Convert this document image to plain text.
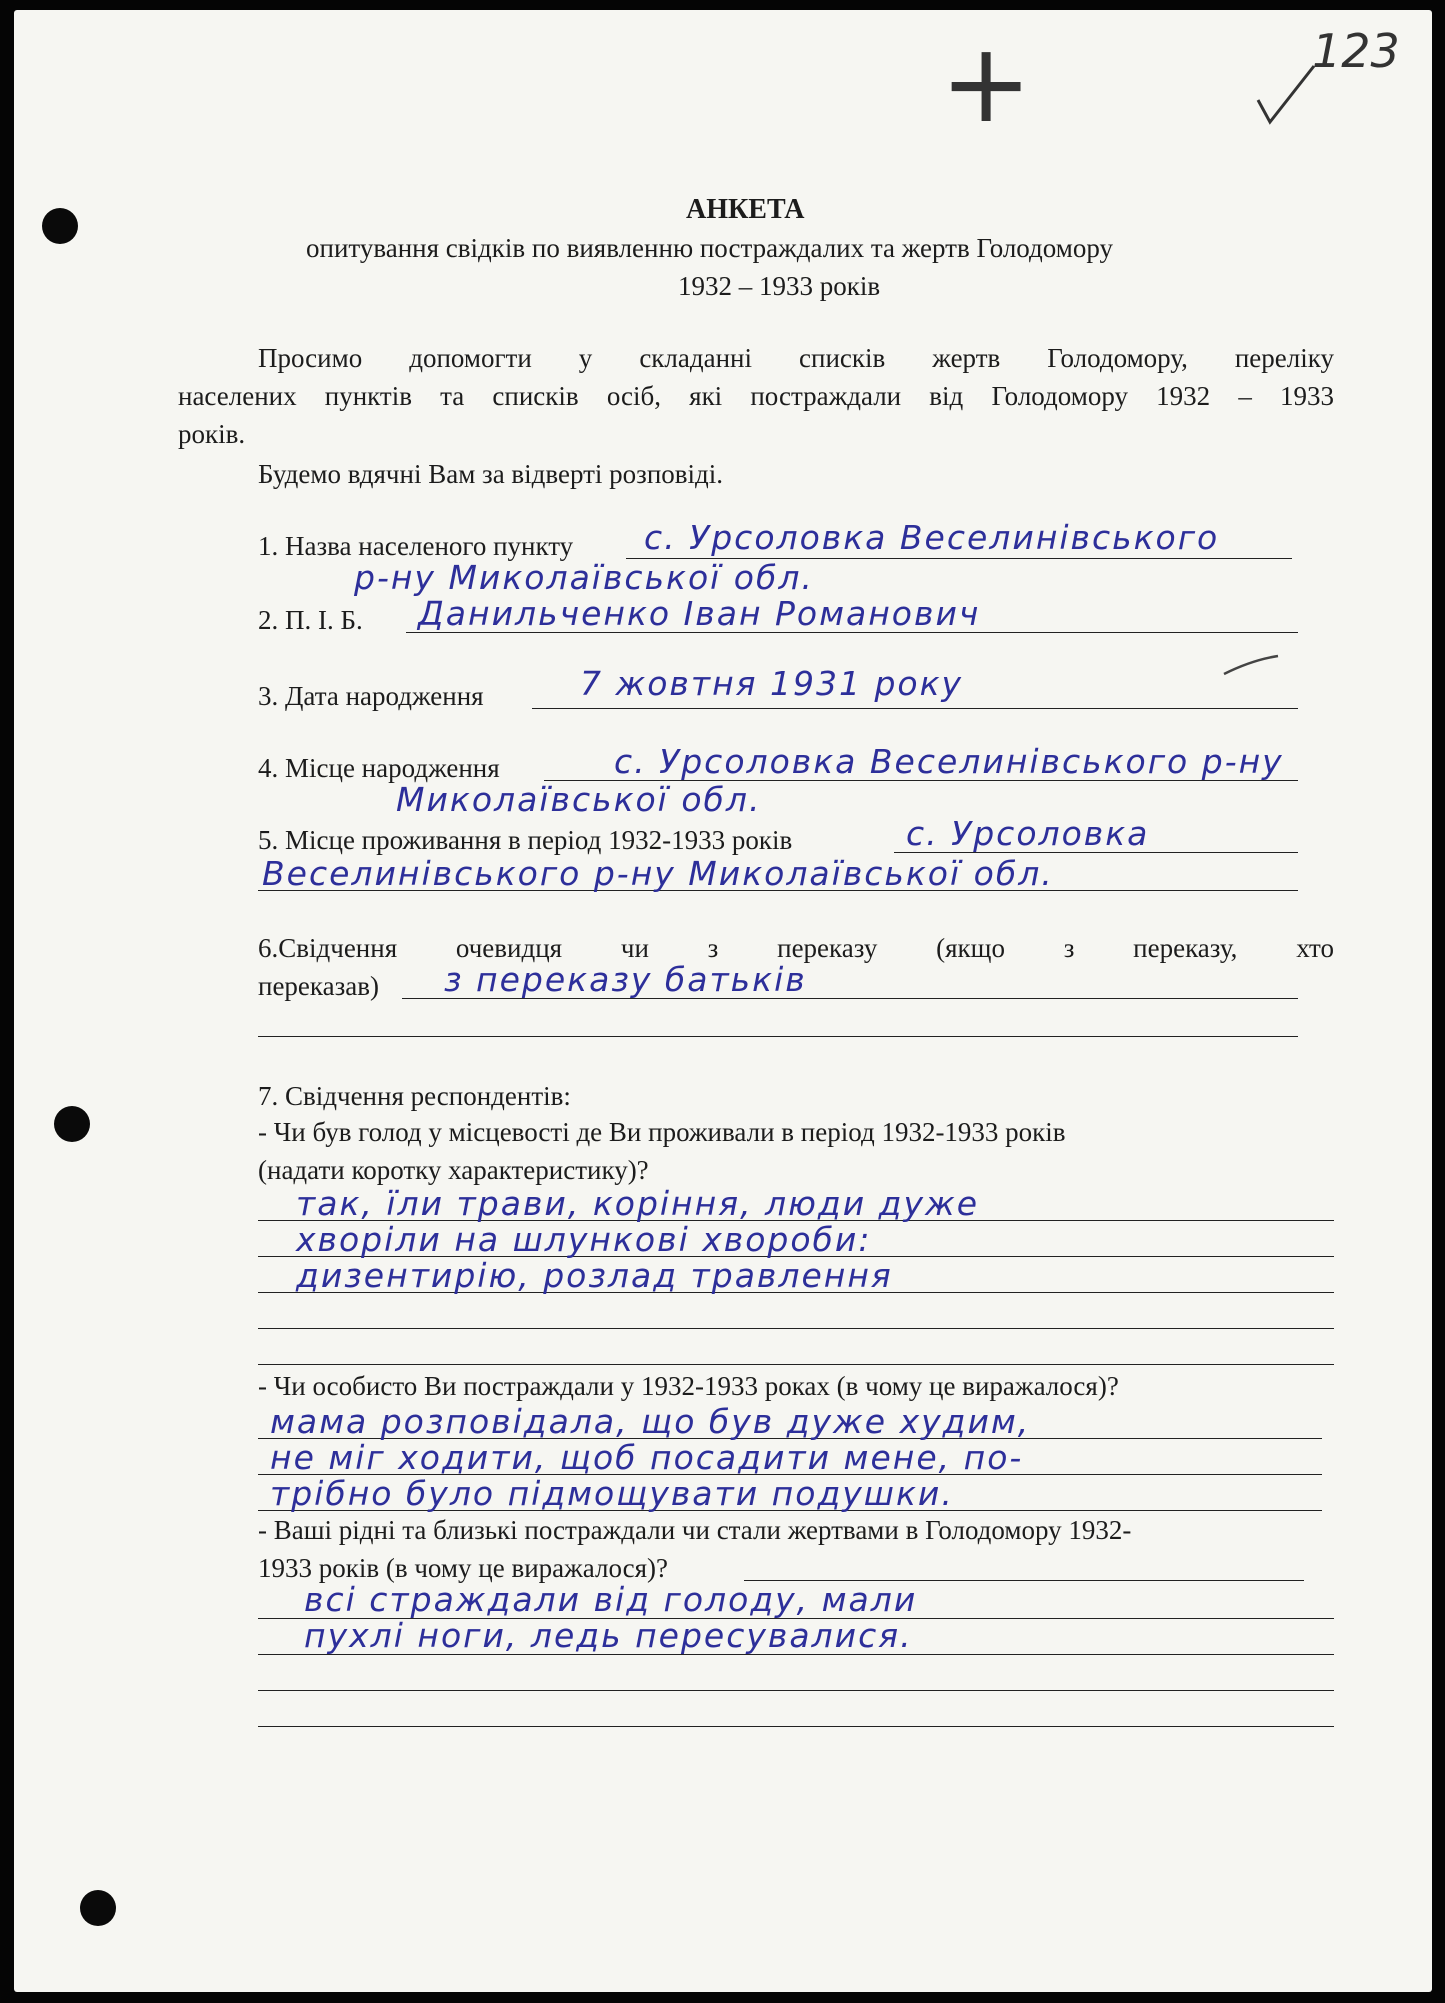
+	123
АНКЕТА
опитування свідків по виявленню постраждалих та жертв Голодомору
1932 – 1933 років
Просимо допомогти у складанні списків жертв Голодомору, переліку
населених пунктів та списків осіб, які постраждали від Голодомору 1932 – 1933
років.
Будемо вдячні Вам за відверті розповіді.
1. Назва населеного пункту с. Урсоловка Веселинівського
р-ну Миколаївської обл.
2. П. І. Б. Данильченко Іван Романович
3. Дата народження	7 жовтня 1931 року
4. Місце народження	с. Урсоловка Веселинівського р-ну
Миколаївської обл.
5. Місце проживання в період 1932-1933 років	с. Урсоловка
Веселинівського р-ну Миколаївської обл.
6.Свідчення очевидця чи з переказу (якщо з переказу, хто
переказав) з переказу батьків
7. Свідчення респондентів:
- Чи був голод у місцевості де Ви проживали в період 1932-1933 років
(надати коротку характеристику)?
так, їли трави, коріння, люди дуже
хворіли на шлункові хвороби:
дизентирію, розлад травлення
- Чи особисто Ви постраждали у 1932-1933 роках (в чому це виражалося)?
мама розповідала, що був дуже худим,
не міг ходити, щоб посадити мене, по-
трібно було підмощувати подушки.
- Ваші рідні та близькі постраждали чи стали жертвами в Голодомору 1932-
1933 років (в чому це виражалося)?
всі страждали від голоду, мали
пухлі ноги, ледь пересувалися.
